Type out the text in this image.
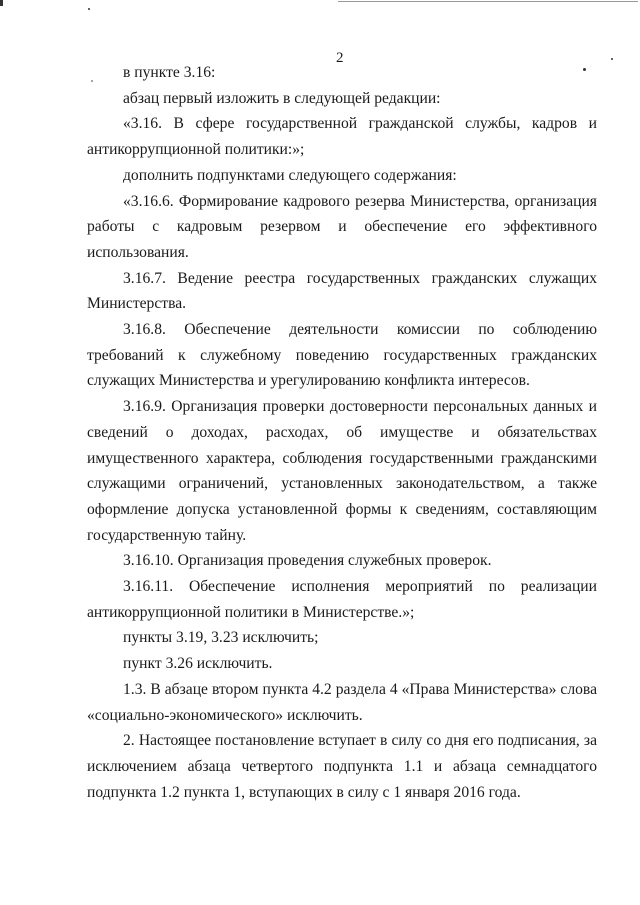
2

в пункте 3.16:

абзац первый изложить в следующей редакции:

«3.16. В сфере государственной гражданской службы, кадров и антикоррупционной политики:»;

дополнить подпунктами следующего содержания:

«3.16.6. Формирование кадрового резерва Министерства, организация работы с кадровым резервом и обеспечение его эффективного использования.

3.16.7. Ведение реестра государственных гражданских служащих Министерства.

3.16.8. Обеспечение деятельности комиссии по соблюдению требований к служебному поведению государственных гражданских служащих Министерства и урегулированию конфликта интересов.

3.16.9. Организация проверки достоверности персональных данных и сведений о доходах, расходах, об имуществе и обязательствах имущественного характера, соблюдения государственными гражданскими служащими ограничений, установленных законодательством, а также оформление допуска установленной формы к сведениям, составляющим государственную тайну.

3.16.10. Организация проведения служебных проверок.

3.16.11. Обеспечение исполнения мероприятий по реализации антикоррупционной политики в Министерстве.»;

пункты 3.19, 3.23 исключить;

пункт 3.26 исключить.

1.3. В абзаце втором пункта 4.2 раздела 4 «Права Министерства» слова «социально-экономического» исключить.

2. Настоящее постановление вступает в силу со дня его подписания, за исключением абзаца четвертого подпункта 1.1 и абзаца семнадцатого подпункта 1.2 пункта 1, вступающих в силу с 1 января 2016 года.
